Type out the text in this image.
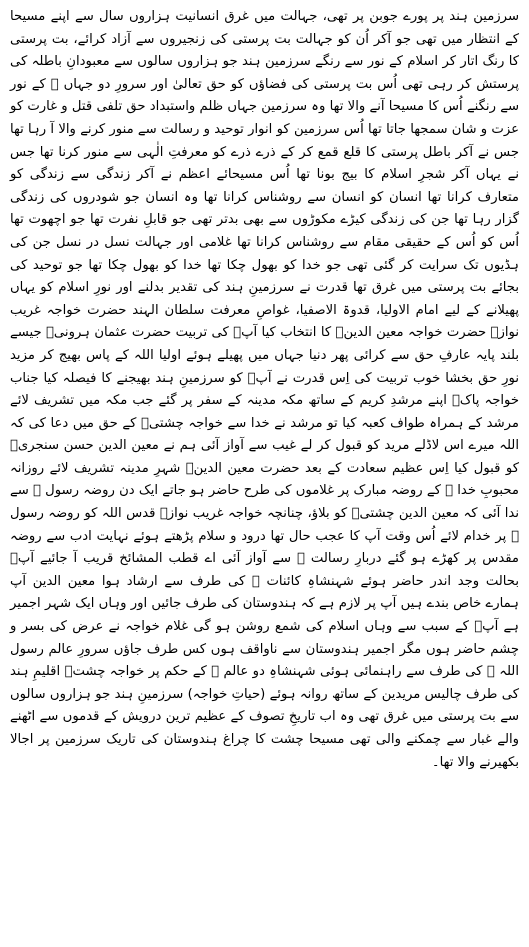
سرزمین ہند پر پورے جوبن پر تھی، جہالت میں غرق انسانیت ہزاروں سال سے اپنے مسیحا کے انتظار میں تھی جو آکر اُن کو جہالت بت پرستی کی زنجیروں سے آزاد کرائے، بت پرستی کا رنگ اتار کر اسلام کے نور سے رنگے سرزمین ہند جو ہزاروں سالوں سے معبودانِ باطلہ کی پرستش کر رہی تھی اُس بت پرستی کی فضاؤں کو حق تعالیٰ اور سرورِ دو جہاں ﷺ کے نور سے رنگنے اُس کا مسیحا آنے والا تھا وہ سرزمین جہاں ظلم واستبداد حق تلفی قتل و غارت کو عزت و شان سمجھا جاتا تھا اُس سرزمین کو انوار توحید و رسالت سے منور کرنے والا آ رہا تھا جس نے آکر باطل پرستی کا قلع قمع کر کے ذرے ذرے کو معرفتِ الٰہی سے منور کرنا تھا جس نے یہاں آکر شجرِ اسلام کا بیج بونا تھا اُس مسیحائے اعظم نے آکر زندگی سے زندگی کو متعارف کرانا تھا انسان کو انسان سے روشناس کرانا تھا وہ انسان جو شودروں کی زندگی گزار رہا تھا جن کی زندگی کیڑے مکوڑوں سے بھی بدتر تھی جو قابلِ نفرت تھا جو اچھوت تھا اُس کو اُس کے حقیقی مقام سے روشناس کرانا تھا غلامی اور جہالت نسل در نسل جن کی ہڈیوں تک سرایت کر گئی تھی جو خدا کو بھول چکا تھا خدا کو بھول چکا تھا جو توحید کی بجائے بت پرستی میں غرق تھا قدرت نے سرزمینِ ہند کی تقدیر بدلنے اور نورِ اسلام کو یہاں پھیلانے کے لیے امام الاولیا، قدوۃ الاصفیا، غواصِ معرفت سلطان الہند حضرت خواجہ غریب نوازؒ حضرت خواجہ معین الدینؒ کا انتخاب کیا آپؒ کی تربیت حضرت عثمان ہرونیؒ جیسے بلند پایہ عارفِ حق سے کرائی پھر دنیا جہاں میں پھیلے ہوئے اولیا اللہ کے پاس بھیج کر مزید نورِ حق بخشا خوب تربیت کی اِس قدرت نے آپؒ کو سرزمینِ ہند بھیجنے کا فیصلہ کیا جناب خواجہ پاکؒ اپنے مرشدِ کریم کے ساتھ مکہ مدینہ کے سفر پر گئے جب مکہ میں تشریف لائے مرشد کے ہمراہ طواف کعبہ کیا تو مرشد نے خدا سے خواجہ چشتیؒ کے حق میں دعا کی کہ اللہ میرے اس لاڈلے مرید کو قبول کر لے غیب سے آواز آئی ہم نے معین الدین حسن سنجریؒ کو قبول کیا اِس عظیم سعادت کے بعد حضرت معین الدینؒ شہرِ مدینہ تشریف لائے روزانہ محبوبِ خدا ﷺ کے روضہ مبارک پر غلاموں کی طرح حاضر ہو جاتے ایک دن روضہ رسول ﷺ سے ندا آئی کہ معین الدین چشتیؒ کو بلاؤ، چنانچہ خواجہ غریب نوازؒ قدس اللہ کو روضہ رسول ﷺ پر خدام لائے اُس وقت آپ کا عجب حال تھا درود و سلام پڑھتے ہوئے نہایت ادب سے روضہ مقدس پر کھڑے ہو گئے دربارِ رسالت ﷺ سے آواز آئی اے قطب المشائخ قریب آ جائیے آپؒ بحالت وجد اندر حاضر ہوئے شہنشاہِ کائنات ﷺ کی طرف سے ارشاد ہوا معین الدین آپ ہمارے خاص بندے ہیں آپ پر لازم ہے کہ ہندوستان کی طرف جائیں اور وہاں ایک شہر اجمیر ہے آپؒ کے سبب سے وہاں اسلام کی شمع روشن ہو گی غلام خواجہ نے عرض کی بسر و چشم حاضر ہوں مگر اجمیر ہندوستان سے ناواقف ہوں کس طرف جاؤں سرورِ عالم رسول اللہ ﷺ کی طرف سے راہنمائی ہوئی شہنشاہِ دو عالم ﷺ کے حکم پر خواجہ چشتؒ اقلیمِ ہند کی طرف چالیس مریدین کے ساتھ روانہ ہوئے (حیاتِ خواجہ) سرزمینِ ہند جو ہزاروں سالوں سے بت پرستی میں غرق تھی وہ اب تاریخِ تصوف کے عظیم ترین درویش کے قدموں سے اٹھنے والے غبار سے چمکنے والی تھی مسیحا چشت کا چراغ ہندوستان کی تاریک سرزمین پر اجالا بکھیرنے والا تھا۔
